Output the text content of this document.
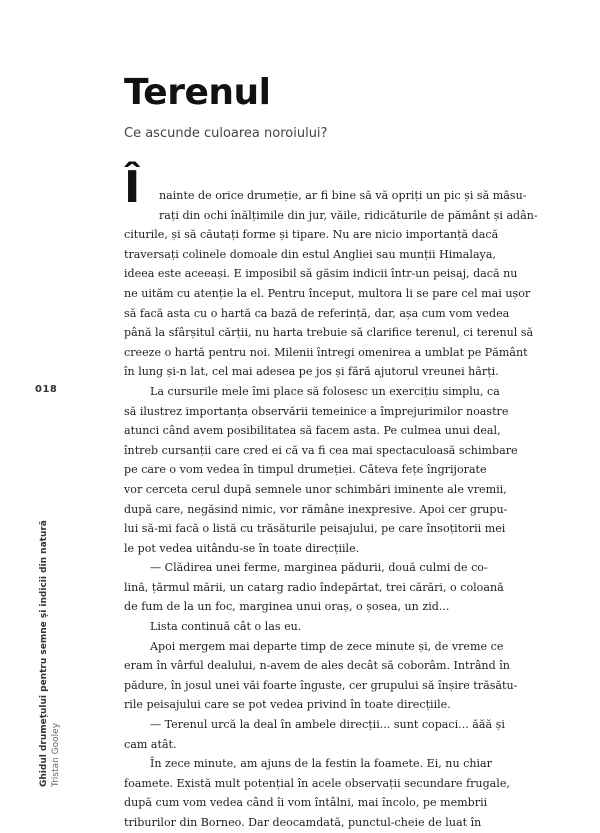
Terenul
Ce ascunde culoarea noroiului?
018
Ghidul drumețului pentru semne și indicii din natură Tristan Gooley
Î	nainte de orice drumeție, ar fi bine să vă opriți un pic și să măsu-
rați din ochi înălțimile din jur, văile, ridicăturile de pământ și adân-
citurile, și să căutați forme și tipare. Nu are nicio importanță dacă
traversați colinele domoale din estul Angliei sau munții Himalaya,
ideea este aceeași. E imposibil să găsim indicii într-un peisaj, dacă nu
ne uităm cu atenție la el. Pentru început, multora li se pare cel mai ușor
să facă asta cu o hartă ca bază de referință, dar, așa cum vom vedea
până la sfârșitul cărții, nu harta trebuie să clarifice terenul, ci terenul să
creeze o hartă pentru noi. Milenii întregi omenirea a umblat pe Pământ
în lung și-n lat, cel mai adesea pe jos și fără ajutorul vreunei hărți.
La cursurile mele îmi place să folosesc un exercițiu simplu, ca
să ilustrez importanța observării temeinice a împrejurimilor noastre
atunci când avem posibilitatea să facem asta. Pe culmea unui deal,
întreb cursanții care cred ei că va fi cea mai spectaculoasă schimbare
pe care o vom vedea în timpul drumeției. Câteva fețe îngrijorate
vor cerceta cerul după semnele unor schimbări iminente ale vremii,
după care, negăsind nimic, vor rămâne inexpresive. Apoi cer grupu-
lui să-mi facă o listă cu trăsăturile peisajului, pe care însoțitorii mei
le pot vedea uitându-se în toate direcțiile.
— Clădirea unei ferme, marginea pădurii, două culmi de co-
lină, țărmul mării, un catarg radio îndepărtat, trei cărări, o coloană
de fum de la un foc, marginea unui oraș, o șosea, un zid...
Lista continuă cât o las eu.
Apoi mergem mai departe timp de zece minute și, de vreme ce
eram în vârful dealului, n-avem de ales decât să coborâm. Intrând în
pădure, în josul unei văi foarte înguste, cer grupului să înșire trăsătu-
rile peisajului care se pot vedea privind în toate direcțiile.
— Terenul urcă la deal în ambele direcții... sunt copaci... ăăă și
cam atât.
În zece minute, am ajuns de la festin la foamete. Ei, nu chiar
foamete. Există mult potențial în acele observații secundare frugale,
după cum vom vedea când îi vom întâlni, mai încolo, pe membrii
triburilor din Borneo. Dar deocamdată, punctul-cheie de luat în
